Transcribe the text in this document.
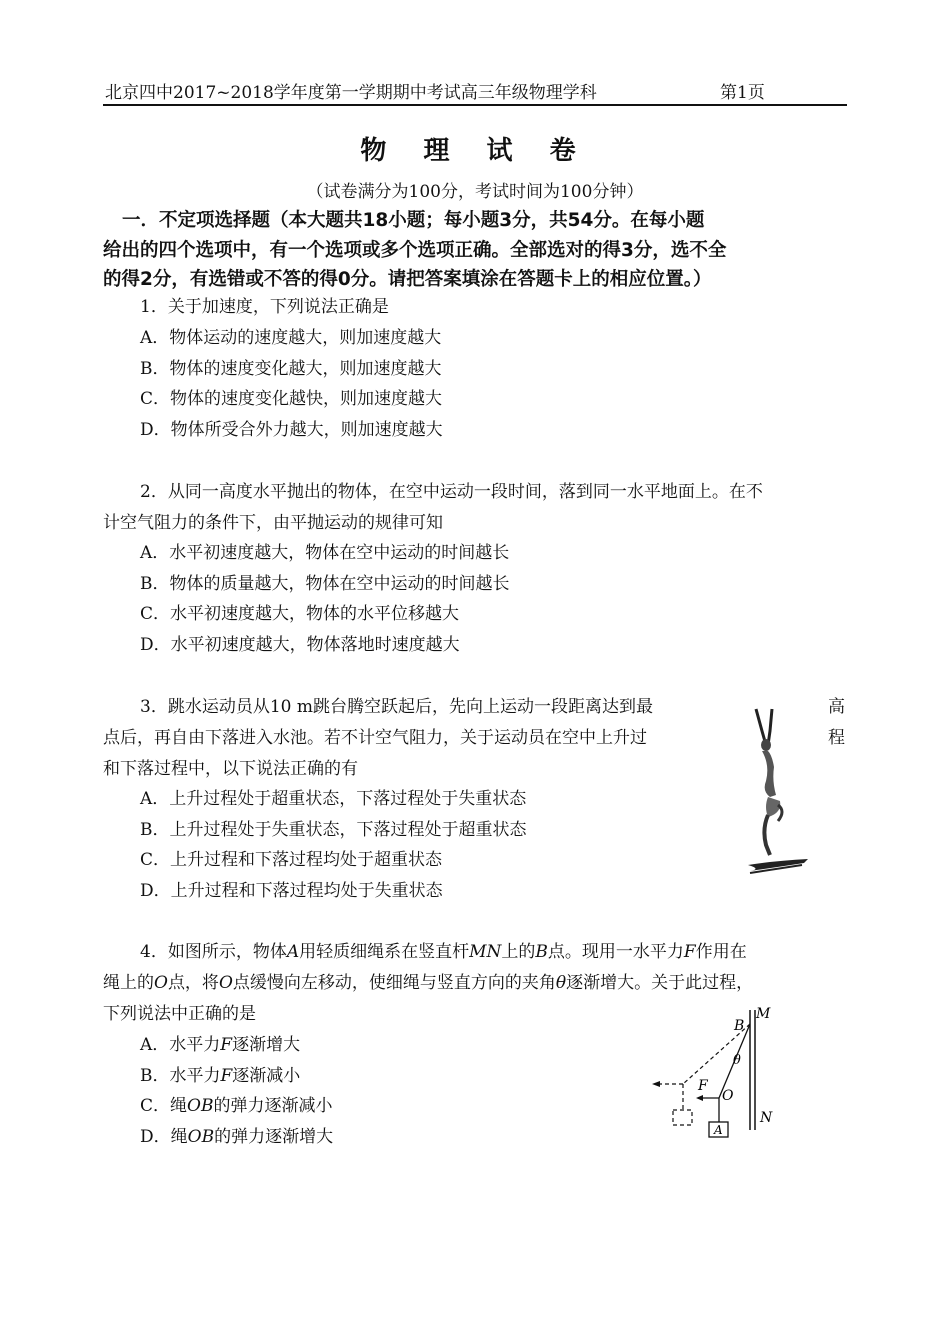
北京四中2017~2018学年度第一学期期中考试高三年级物理学科	第1页
物 理 试 卷
（试卷满分为100分，考试时间为100分钟）
一．不定项选择题（本大题共18小题；每小题3分，共54分。在每小题
给出的四个选项中，有一个选项或多个选项正确。全部选对的得3分，选不全
的得2分，有选错或不答的得0分。请把答案填涂在答题卡上的相应位置。）
1．关于加速度，下列说法正确是
A．物体运动的速度越大，则加速度越大
B．物体的速度变化越大，则加速度越大
C．物体的速度变化越快，则加速度越大
D．物体所受合外力越大，则加速度越大
2．从同一高度水平抛出的物体，在空中运动一段时间，落到同一水平地面上。在不
计空气阻力的条件下，由平抛运动的规律可知
A．水平初速度越大，物体在空中运动的时间越长
B．物体的质量越大，物体在空中运动的时间越长
C．水平初速度越大，物体的水平位移越大
D．水平初速度越大，物体落地时速度越大
3．跳水运动员从10 m跳台腾空跃起后，先向上运动一段距离达到最	高
点后，再自由下落进入水池。若不计空气阻力，关于运动员在空中上升过	程
和下落过程中，以下说法正确的有
A．上升过程处于超重状态，下落过程处于失重状态
B．上升过程处于失重状态，下落过程处于超重状态
C．上升过程和下落过程均处于超重状态
D．上升过程和下落过程均处于失重状态
4．如图所示，物体A用轻质细绳系在竖直杆MN上的B点。现用一水平力F作用在
绳上的O点，将O点缓慢向左移动，使细绳与竖直方向的夹角θ逐渐增大。关于此过程，
下列说法中正确的是
A．水平力F逐渐增大
B．水平力F逐渐减小
C．绳OB的弹力逐渐减小
D．绳OB的弹力逐渐增大
M
N
B
θ
F
O
A
